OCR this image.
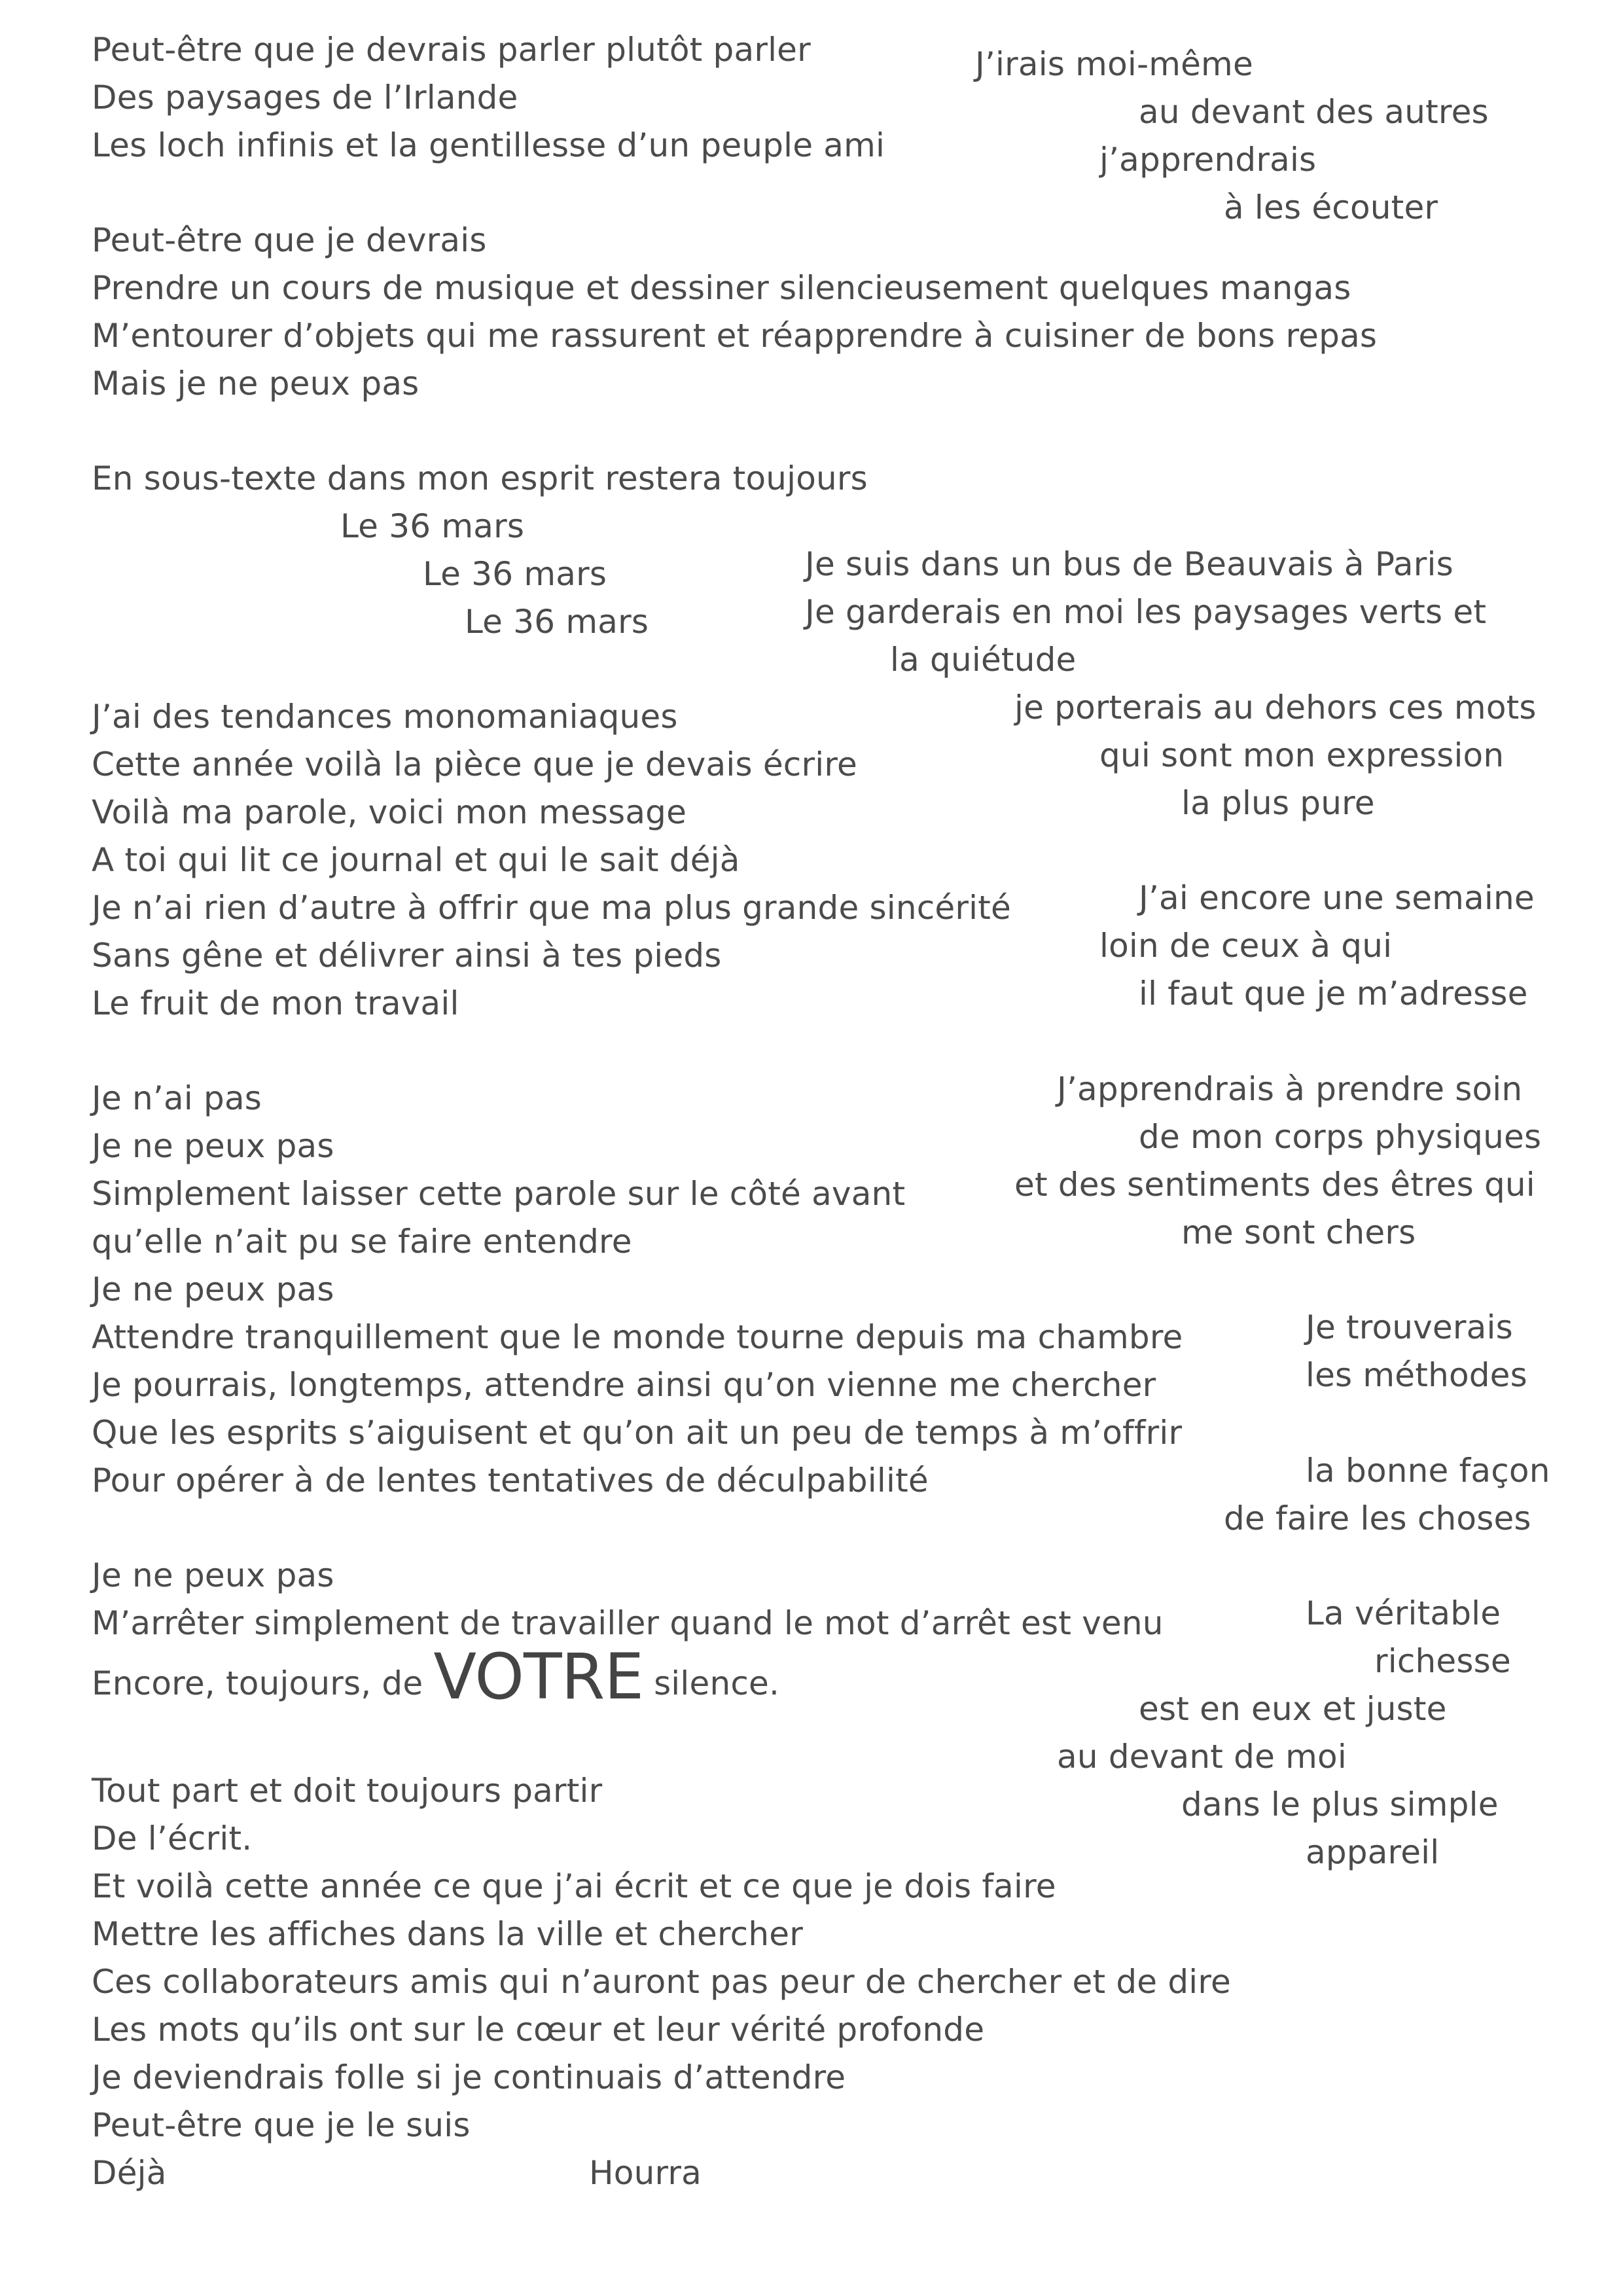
Peut-être que je devrais parler plutôt parler
Des paysages de l’Irlande
Les loch infinis et la gentillesse d’un peuple ami
Peut-être que je devrais
Prendre un cours de musique et dessiner silencieusement quelques mangas
M’entourer d’objets qui me rassurent et réapprendre à cuisiner de bons repas
Mais je ne peux pas
En sous-texte dans mon esprit restera toujours
Le 36 mars
Le 36 mars
Le 36 mars
J’ai des tendances monomaniaques
Cette année voilà la pièce que je devais écrire
Voilà ma parole, voici mon message
A toi qui lit ce journal et qui le sait déjà
Je n’ai rien d’autre à offrir que ma plus grande sincérité
Sans gêne et délivrer ainsi à tes pieds
Le fruit de mon travail
Je n’ai pas
Je ne peux pas
Simplement laisser cette parole sur le côté avant
qu’elle n’ait pu se faire entendre
Je ne peux pas
Attendre tranquillement que le monde tourne depuis ma chambre
Je pourrais, longtemps, attendre ainsi qu’on vienne me chercher
Que les esprits s’aiguisent et qu’on ait un peu de temps à m’offrir
Pour opérer à de lentes tentatives de déculpabilité
Je ne peux pas
M’arrêter simplement de travailler quand le mot d’arrêt est venu
Encore, toujours, de VOTRE silence.
Tout part et doit toujours partir
De l’écrit.
Et voilà cette année ce que j’ai écrit et ce que je dois faire
Mettre les affiches dans la ville et chercher
Ces collaborateurs amis qui n’auront pas peur de chercher et de dire
Les mots qu’ils ont sur le cœur et leur vérité profonde
Je deviendrais folle si je continuais d’attendre
Peut-être que je le suis
Déjà	Hourra
J’irais moi-même
au devant des autres
j’apprendrais
à les écouter
Je suis dans un bus de Beauvais à Paris
Je garderais en moi les paysages verts et
la quiétude
je porterais au dehors ces mots
qui sont mon expression
la plus pure
J’ai encore une semaine
loin de ceux à qui
il faut que je m’adresse
J’apprendrais à prendre soin
de mon corps physiques
et des sentiments des êtres qui
me sont chers
Je trouverais
les méthodes
la bonne façon
de faire les choses
La véritable
richesse
est en eux et juste
au devant de moi
dans le plus simple
appareil
